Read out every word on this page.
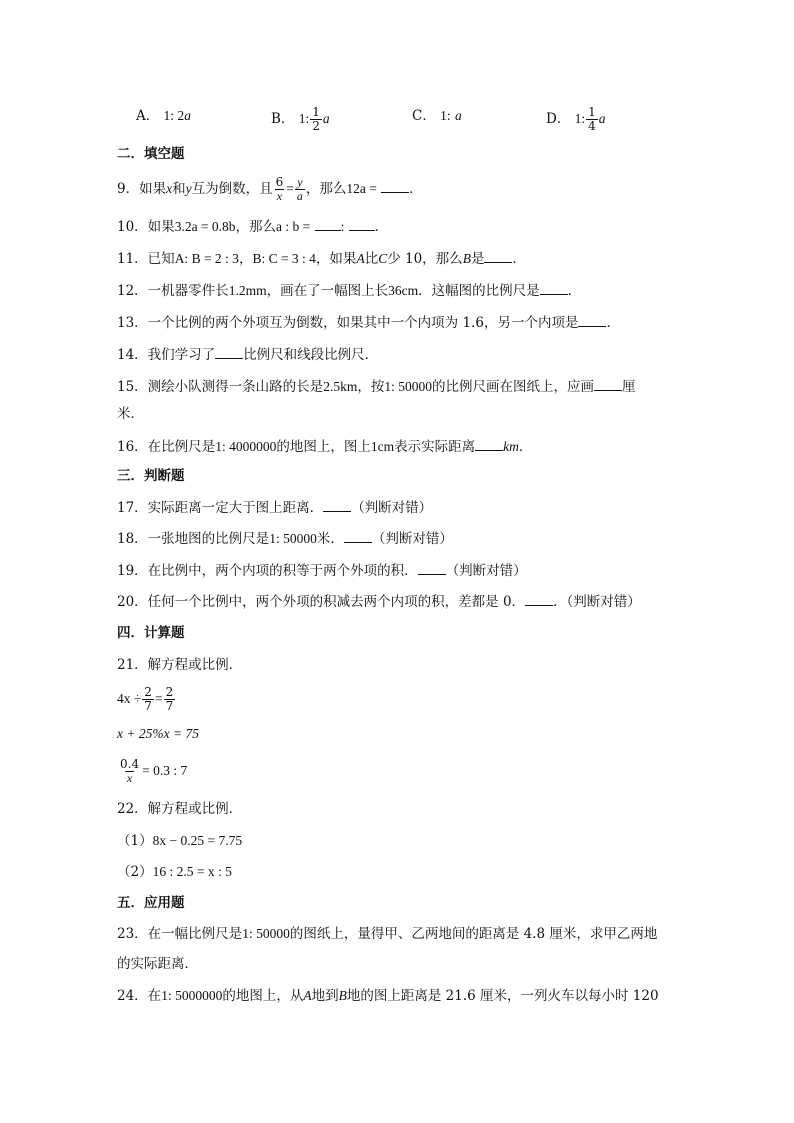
A． 1: 2a	B． 1: $\frac{1}{2}$ a	C． 1: a	D． 1: $\frac{1}{4}$ a
二．填空题
9．如果x和y互为倒数，且 $\frac{6}{x} = \frac{y}{a}$ ，那么12a = ．
10．如果3.2a = 0.8b，那么a : b = : ．
11．已知A: B = 2 : 3，B: C = 3 : 4，如果A比C少 10，那么B是 ．
12．一机器零件长1.2mm，画在了一幅图上长36cm．这幅图的比例尺是 ．
13．一个比例的两个外项互为倒数，如果其中一个内项为 1.6，另一个内项是 ．
14．我们学习了 比例尺和线段比例尺．
15．测绘小队测得一条山路的长是2.5km，按1: 50000的比例尺画在图纸上，应画 厘
米．
16．在比例尺是1: 4000000的地图上，图上1cm表示实际距离 km．
三．判断题
17．实际距离一定大于图上距离． （判断对错）
18．一张地图的比例尺是1: 50000米． （判断对错）
19．在比例中，两个内项的积等于两个外项的积． （判断对错）
20．任何一个比例中，两个外项的积减去两个内项的积，差都是 0． ．（判断对错）
四．计算题
21．解方程或比例．
$4x \div \frac{2}{7} = \frac{2}{7}$
x + 25%x = 75
$\frac{0.4}{x} = 0.3$ : 7
22．解方程或比例．
（1）8x − 0.25 = 7.75
（2）16 : 2.5 = x : 5
五．应用题
23．在一幅比例尺是1: 50000的图纸上，量得甲、乙两地间的距离是 4.8 厘米，求甲乙两地
的实际距离．
24．在1: 5000000的地图上，从A地到B地的图上距离是 21.6 厘米，一列火车以每小时 120
